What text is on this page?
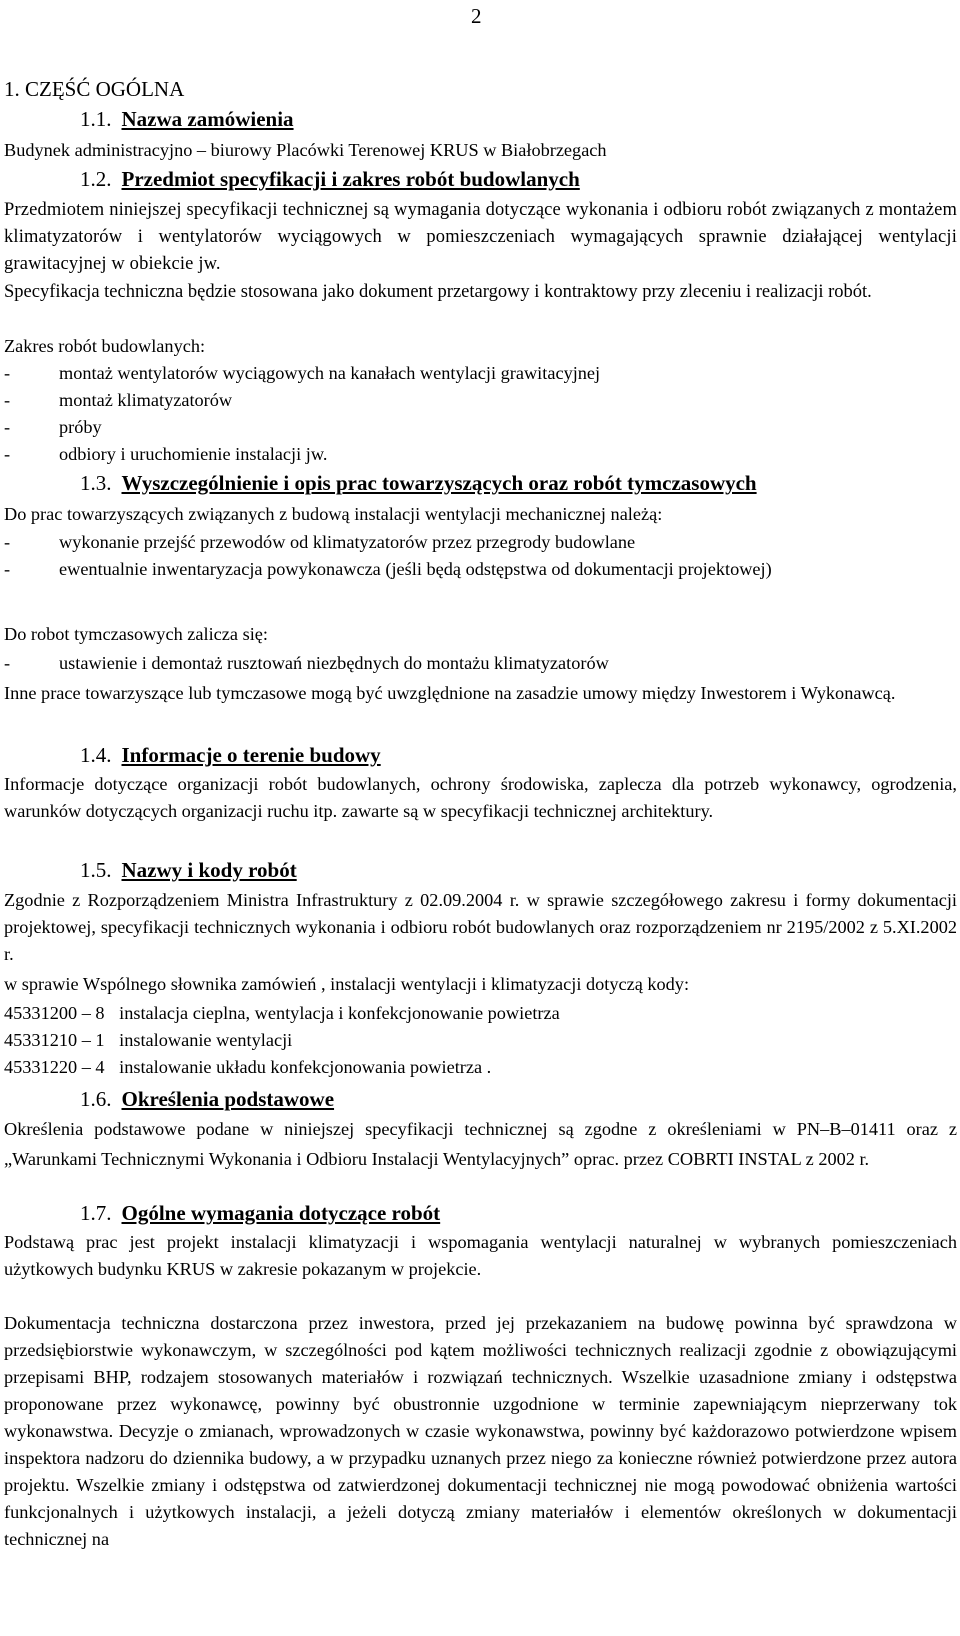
2
1. CZĘŚĆ OGÓLNA
1.1. Nazwa zamówienia

Budynek administracyjno – biurowy Placówki Terenowej KRUS w Białobrzegach

1.2. Przedmiot specyfikacji i zakres robót budowlanych

Przedmiotem niniejszej specyfikacji technicznej są wymagania dotyczące wykonania i odbioru robót związanych z montażem klimatyzatorów i wentylatorów wyciągowych w pomieszczeniach wymagających sprawnie działającej wentylacji grawitacyjnej w obiekcie jw.

Specyfikacja techniczna będzie stosowana jako dokument przetargowy i kontraktowy przy zleceniu i realizacji robót.

Zakres robót budowlanych:

-	montaż wentylatorów wyciągowych na kanałach wentylacji grawitacyjnej
-	montaż klimatyzatorów
-	próby
-	odbiory i uruchomienie instalacji jw.
1.3. Wyszczególnienie i opis prac towarzyszących oraz robót tymczasowych

Do prac towarzyszących związanych z budową instalacji wentylacji mechanicznej należą:

-	wykonanie przejść przewodów od klimatyzatorów przez przegrody budowlane
-	ewentualnie inwentaryzacja powykonawcza (jeśli będą odstępstwa od dokumentacji projektowej)

Do robot tymczasowych zalicza się:

-	ustawienie i demontaż rusztowań niezbędnych do montażu klimatyzatorów

Inne prace towarzyszące lub tymczasowe mogą być uwzględnione na zasadzie umowy między Inwestorem i Wykonawcą.

1.4. Informacje o terenie budowy

Informacje dotyczące organizacji robót budowlanych, ochrony środowiska, zaplecza dla potrzeb wykonawcy, ogrodzenia, warunków dotyczących organizacji ruchu itp. zawarte są w specyfikacji technicznej architektury.

1.5. Nazwy i kody robót

Zgodnie z Rozporządzeniem Ministra Infrastruktury z 02.09.2004 r. w sprawie szczegółowego zakresu i formy dokumentacji projektowej, specyfikacji technicznych wykonania i odbioru robót budowlanych oraz rozporządzeniem nr 2195/2002 z 5.XI.2002 r.

w sprawie Wspólnego słownika zamówień , instalacji wentylacji i klimatyzacji dotyczą kody:

45331200 – 8 instalacja cieplna, wentylacja i konfekcjonowanie powietrza
45331210 – 1 instalowanie wentylacji
45331220 – 4 instalowanie układu konfekcjonowania powietrza .
1.6. Określenia podstawowe

Określenia podstawowe podane w niniejszej specyfikacji technicznej są zgodne z określeniami w PN–B–01411 oraz z „Warunkami Technicznymi Wykonania i Odbioru Instalacji Wentylacyjnych” oprac. przez COBRTI INSTAL z 2002 r.

1.7. Ogólne wymagania dotyczące robót

Podstawą prac jest projekt instalacji klimatyzacji i wspomagania wentylacji naturalnej w wybranych pomieszczeniach użytkowych budynku KRUS w zakresie pokazanym w projekcie.

Dokumentacja techniczna dostarczona przez inwestora, przed jej przekazaniem na budowę powinna być sprawdzona w przedsiębiorstwie wykonawczym, w szczególności pod kątem możliwości technicznych realizacji zgodnie z obowiązującymi przepisami BHP, rodzajem stosowanych materiałów i rozwiązań technicznych. Wszelkie uzasadnione zmiany i odstępstwa proponowane przez wykonawcę, powinny być obustronnie uzgodnione w terminie zapewniającym nieprzerwany tok wykonawstwa. Decyzje o zmianach, wprowadzonych w czasie wykonawstwa, powinny być każdorazowo potwierdzone wpisem inspektora nadzoru do dziennika budowy, a w przypadku uznanych przez niego za konieczne również potwierdzone przez autora projektu. Wszelkie zmiany i odstępstwa od zatwierdzonej dokumentacji technicznej nie mogą powodować obniżenia wartości funkcjonalnych i użytkowych instalacji, a jeżeli dotyczą zmiany materiałów i elementów określonych w dokumentacji technicznej na
